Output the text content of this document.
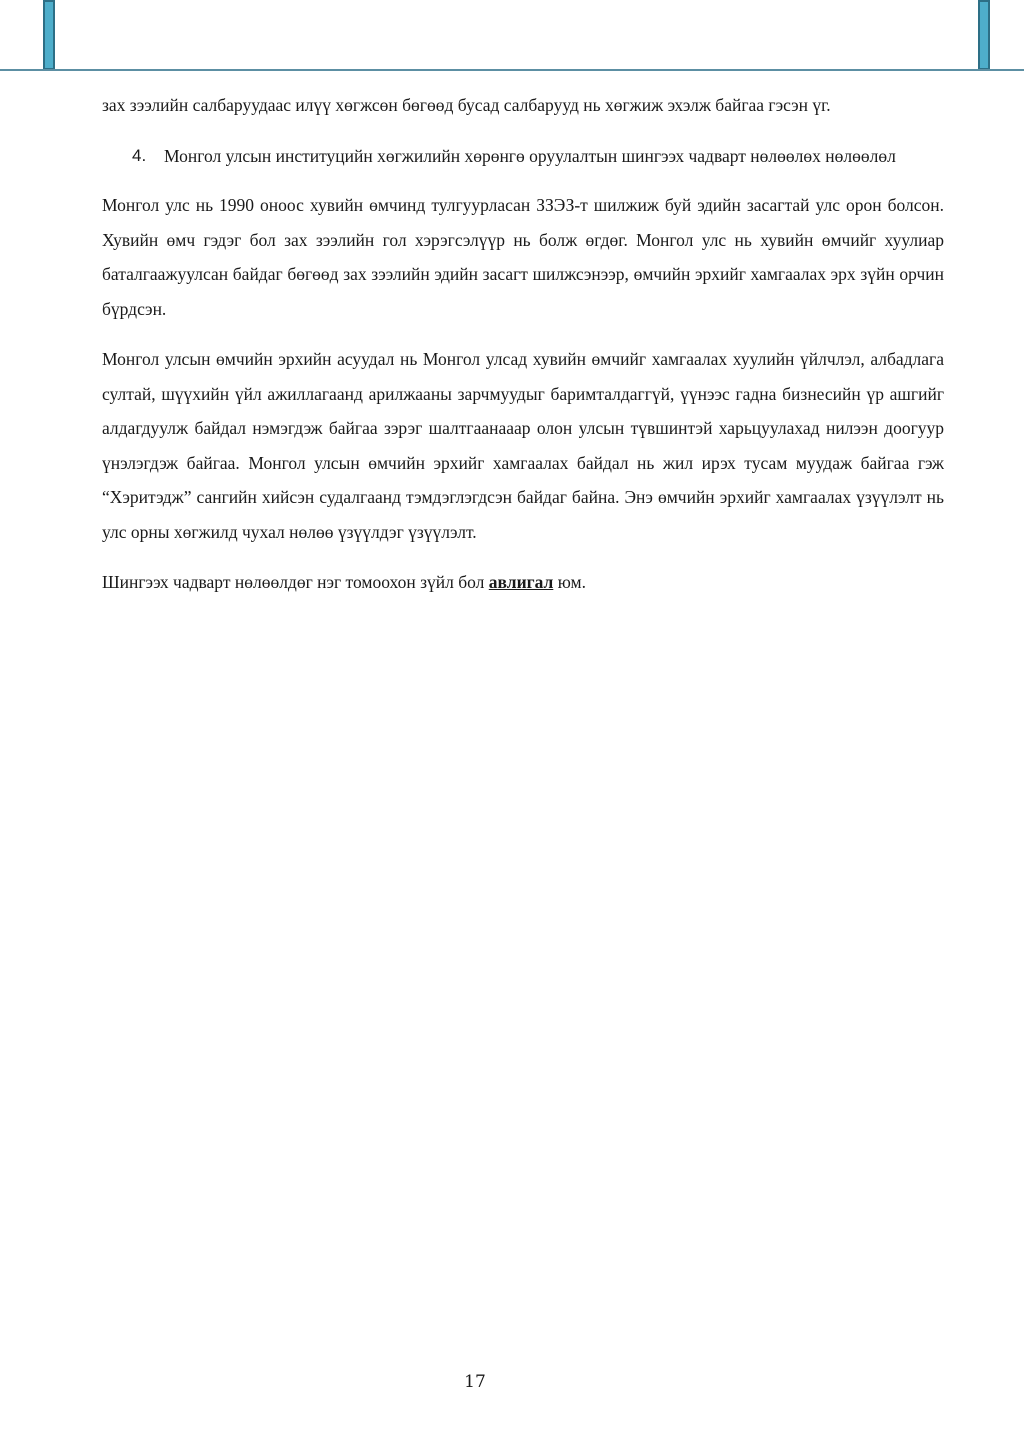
зах зээлийн салбаруудаас илүү хөгжсөн бөгөөд бусад салбарууд нь хөгжиж эхэлж байгаа гэсэн үг.

4.	Монгол улсын институцийн хөгжилийн хөрөнгө оруулалтын шингээх чадварт нөлөөлөх нөлөөлөл

Монгол улс нь 1990 оноос хувийн өмчинд тулгуурласан ЗЗЭЗ-т шилжиж буй эдийн засагтай улс орон болсон. Хувийн өмч гэдэг бол зах зээлийн гол хэрэгсэлүүр нь болж өгдөг. Монгол улс нь хувийн өмчийг хуулиар баталгаажуулсан байдаг бөгөөд зах зээлийн эдийн засагт шилжсэнээр, өмчийн эрхийг хамгаалах эрх зүйн орчин бүрдсэн.

Монгол улсын өмчийн эрхийн асуудал нь Монгол улсад хувийн өмчийг хамгаалах хуулийн үйлчлэл, албадлага султай, шүүхийн үйл ажиллагаанд арилжааны зарчмуудыг баримталдаггүй, үүнээс гадна бизнесийн үр ашгийг алдагдуулж байдал нэмэгдэж байгаа зэрэг шалтгаанааар олон улсын түвшинтэй харьцуулахад нилээн доогуур үнэлэгдэж байгаа. Монгол улсын өмчийн эрхийг хамгаалах байдал нь жил ирэх тусам муудаж байгаа гэж “Хэритэдж” сангийн хийсэн судалгаанд тэмдэглэгдсэн байдаг байна. Энэ өмчийн эрхийг хамгаалах үзүүлэлт нь улс орны хөгжилд чухал нөлөө үзүүлдэг үзүүлэлт.

Шингээх чадварт нөлөөлдөг нэг томоохон зүйл бол авлигал юм.

17
